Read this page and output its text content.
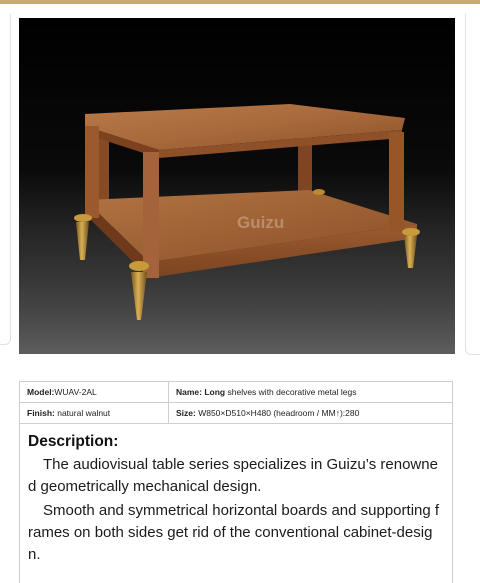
Guizu
Model:WUAV-2AL	Name: Long shelves with decorative metal legs
Finish: natural walnut	Size: W850×D510×H480 (headroom / MM↑):280
Description:

The audiovisual table series specializes in Guizu’s renowned geometrically mechanical design.

Smooth and symmetrical horizontal boards and supporting frames on both sides get rid of the conventional cabinet-design.
